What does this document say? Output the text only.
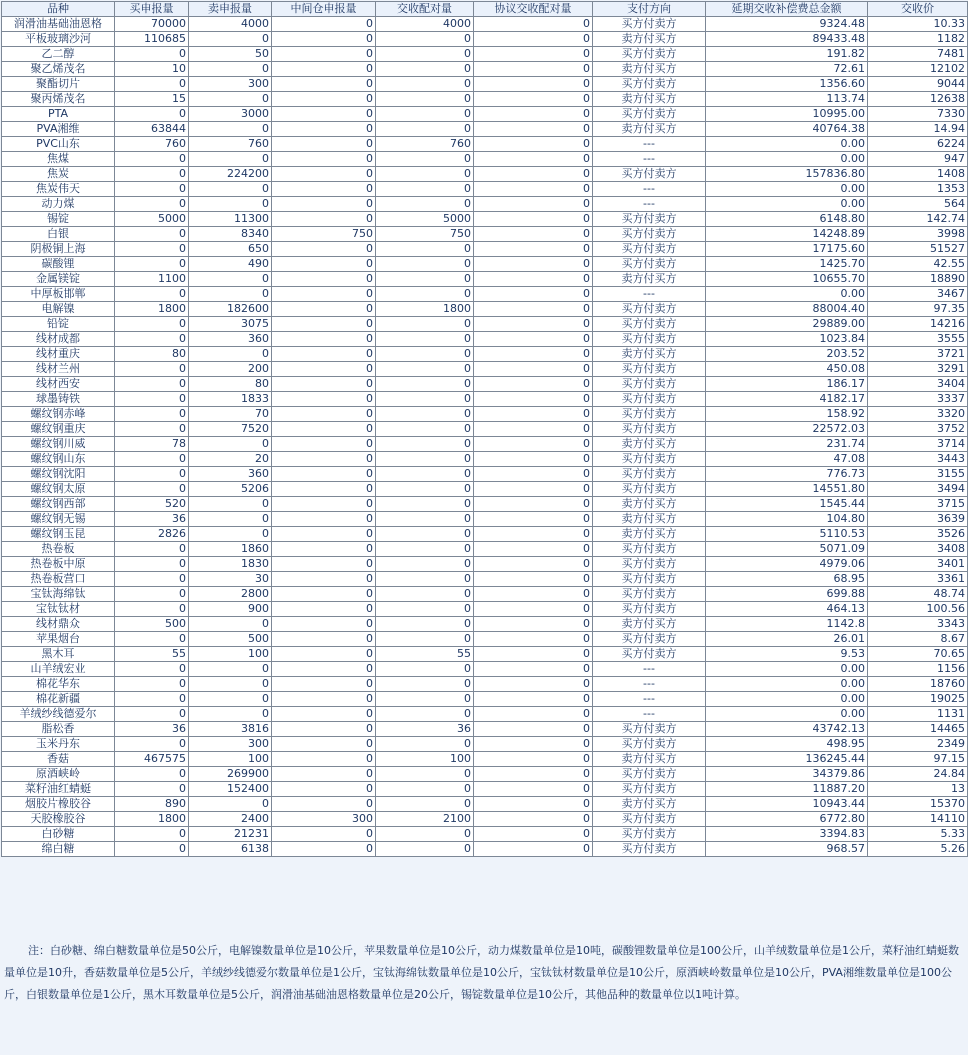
品种	买申报量	卖申报量	中间仓申报量	交收配对量	协议交收配对量	支付方向	延期交收补偿费总金额	交收价
润滑油基础油恩格	70000	4000	0	4000	0	买方付卖方	9324.48	10.33
平板玻璃沙河	110685	0	0	0	0	卖方付买方	89433.48	1182
乙二醇	0	50	0	0	0	买方付卖方	191.82	7481
聚乙烯茂名	10	0	0	0	0	卖方付买方	72.61	12102
聚酯切片	0	300	0	0	0	买方付卖方	1356.60	9044
聚丙烯茂名	15	0	0	0	0	卖方付买方	113.74	12638
PTA	0	3000	0	0	0	买方付卖方	10995.00	7330
PVA湘维	63844	0	0	0	0	卖方付买方	40764.38	14.94
PVC山东	760	760	0	760	0	---	0.00	6224
焦煤	0	0	0	0	0	---	0.00	947
焦炭	0	224200	0	0	0	买方付卖方	157836.80	1408
焦炭伟天	0	0	0	0	0	---	0.00	1353
动力煤	0	0	0	0	0	---	0.00	564
锡锭	5000	11300	0	5000	0	买方付卖方	6148.80	142.74
白银	0	8340	750	750	0	买方付卖方	14248.89	3998
阴极铜上海	0	650	0	0	0	买方付卖方	17175.60	51527
碳酸锂	0	490	0	0	0	买方付卖方	1425.70	42.55
金属镁锭	1100	0	0	0	0	卖方付买方	10655.70	18890
中厚板邯郸	0	0	0	0	0	---	0.00	3467
电解镍	1800	182600	0	1800	0	买方付卖方	88004.40	97.35
铅锭	0	3075	0	0	0	买方付卖方	29889.00	14216
线材成都	0	360	0	0	0	买方付卖方	1023.84	3555
线材重庆	80	0	0	0	0	卖方付买方	203.52	3721
线材兰州	0	200	0	0	0	买方付卖方	450.08	3291
线材西安	0	80	0	0	0	买方付卖方	186.17	3404
球墨铸铁	0	1833	0	0	0	买方付卖方	4182.17	3337
螺纹钢赤峰	0	70	0	0	0	买方付卖方	158.92	3320
螺纹钢重庆	0	7520	0	0	0	买方付卖方	22572.03	3752
螺纹钢川威	78	0	0	0	0	卖方付买方	231.74	3714
螺纹钢山东	0	20	0	0	0	买方付卖方	47.08	3443
螺纹钢沈阳	0	360	0	0	0	买方付卖方	776.73	3155
螺纹钢太原	0	5206	0	0	0	买方付卖方	14551.80	3494
螺纹钢西部	520	0	0	0	0	卖方付买方	1545.44	3715
螺纹钢无锡	36	0	0	0	0	卖方付买方	104.80	3639
螺纹钢玉昆	2826	0	0	0	0	卖方付买方	5110.53	3526
热卷板	0	1860	0	0	0	买方付卖方	5071.09	3408
热卷板中原	0	1830	0	0	0	买方付卖方	4979.06	3401
热卷板营口	0	30	0	0	0	买方付卖方	68.95	3361
宝钛海绵钛	0	2800	0	0	0	买方付卖方	699.88	48.74
宝钛钛材	0	900	0	0	0	买方付卖方	464.13	100.56
线材鼎众	500	0	0	0	0	卖方付买方	1142.8	3343
苹果烟台	0	500	0	0	0	买方付卖方	26.01	8.67
黑木耳	55	100	0	55	0	买方付卖方	9.53	70.65
山羊绒宏业	0	0	0	0	0	---	0.00	1156
棉花华东	0	0	0	0	0	---	0.00	18760
棉花新疆	0	0	0	0	0	---	0.00	19025
羊绒纱线德爱尔	0	0	0	0	0	---	0.00	1131
脂松香	36	3816	0	36	0	买方付卖方	43742.13	14465
玉米丹东	0	300	0	0	0	买方付卖方	498.95	2349
香菇	467575	100	0	100	0	卖方付买方	136245.44	97.15
原酒峡岭	0	269900	0	0	0	买方付卖方	34379.86	24.84
菜籽油红蜻蜓	0	152400	0	0	0	买方付卖方	11887.20	13
烟胶片橡胶谷	890	0	0	0	0	卖方付买方	10943.44	15370
天胶橡胶谷	1800	2400	300	2100	0	买方付卖方	6772.80	14110
白砂糖	0	21231	0	0	0	买方付卖方	3394.83	5.33
绵白糖	0	6138	0	0	0	买方付卖方	968.57	5.26
注：白砂糖、绵白糖数量单位是50公斤，电解镍数量单位是10公斤，苹果数量单位是10公斤，动力煤数量单位是10吨，碳酸锂数量单位是100公斤，山羊绒数量单位是1公斤，菜籽油红蜻蜓数量单位是10升，香菇数量单位是5公斤，羊绒纱线德爱尔数量单位是1公斤，宝钛海绵钛数量单位是10公斤，宝钛钛材数量单位是10公斤，原酒峡岭数量单位是10公斤，PVA湘维数量单位是100公斤，白银数量单位是1公斤，黑木耳数量单位是5公斤，润滑油基础油恩格数量单位是20公斤，锡锭数量单位是10公斤，其他品种的数量单位以1吨计算。
